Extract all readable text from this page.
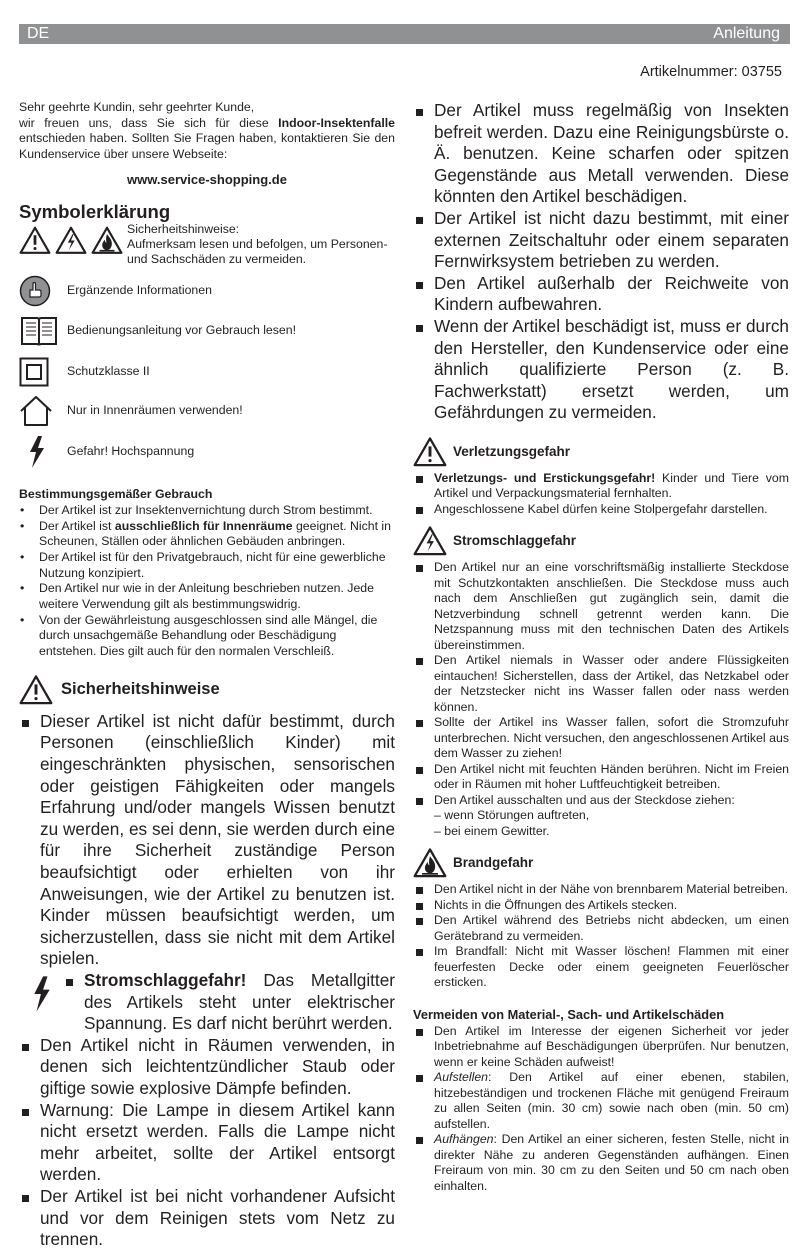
DE	Anleitung
Artikelnummer: 03755

Sehr geehrte Kundin, sehr geehrter Kunde,

wir freuen uns, dass Sie sich für diese Indoor-Insektenfalle entschieden haben. Sollten Sie Fragen haben, kontaktieren Sie den Kundenservice über unsere Webseite:

www.service-shopping.de
Symbolerklärung

Sicherheitshinweise:

Aufmerksam lesen und befolgen, um Personen- und Sachschäden zu vermeiden.

Ergänzende Informationen

Bedienungsanleitung vor Gebrauch lesen!

Schutzklasse II

Nur in Innenräumen verwenden!

Gefahr! Hochspannung

Bestimmungsgemäßer Gebrauch
• Der Artikel ist zur Insektenvernichtung durch Strom bestimmt.
• Der Artikel ist ausschließlich für Innenräume geeignet. Nicht in Scheunen, Ställen oder ähnlichen Gebäuden anbringen.
• Der Artikel ist für den Privatgebrauch, nicht für eine gewerbliche Nutzung konzipiert.
• Den Artikel nur wie in der Anleitung beschrieben nutzen. Jede weitere Verwendung gilt als bestimmungswidrig.
• Von der Gewährleistung ausgeschlossen sind alle Mängel, die durch unsachgemäße Behandlung oder Beschädigung entstehen. Dies gilt auch für den normalen Verschleiß.
Sicherheitshinweise
Dieser Artikel ist nicht dafür bestimmt, durch Personen (einschließlich Kinder) mit eingeschränkten physischen, sensorischen oder geistigen Fähigkeiten oder mangels Erfahrung und/oder mangels Wissen benutzt zu werden, es sei denn, sie werden durch eine für ihre Sicherheit zuständige Person beaufsichtigt oder erhielten von ihr Anweisungen, wie der Artikel zu benutzen ist. Kinder müssen beaufsichtigt werden, um sicherzustellen, dass sie nicht mit dem Artikel spielen.
Stromschlaggefahr! Das Metallgitter des Artikels steht unter elektrischer Spannung. Es darf nicht berührt werden.
Den Artikel nicht in Räumen verwenden, in denen sich leichtentzündlicher Staub oder giftige sowie explosive Dämpfe befinden.
Warnung: Die Lampe in diesem Artikel kann nicht ersetzt werden. Falls die Lampe nicht mehr arbeitet, sollte der Artikel entsorgt werden.
Der Artikel ist bei nicht vorhandener Aufsicht und vor dem Reinigen stets vom Netz zu trennen.
Der Artikel muss regelmäßig von Insekten befreit werden. Dazu eine Reinigungsbürste o. Ä. benutzen. Keine scharfen oder spitzen Gegenstände aus Metall verwenden. Diese könnten den Artikel beschädigen.
Der Artikel ist nicht dazu bestimmt, mit einer externen Zeitschaltuhr oder einem separaten Fernwirksystem betrieben zu werden.
Den Artikel außerhalb der Reichweite von Kindern aufbewahren.
Wenn der Artikel beschädigt ist, muss er durch den Hersteller, den Kundenservice oder eine ähnlich qualifizierte Person (z. B. Fachwerkstatt) ersetzt werden, um Gefährdungen zu vermeiden.
Verletzungsgefahr
Verletzungs- und Erstickungsgefahr! Kinder und Tiere vom Artikel und Verpackungsmaterial fernhalten.
Angeschlossene Kabel dürfen keine Stolpergefahr darstellen.
Stromschlaggefahr
Den Artikel nur an eine vorschriftsmäßig installierte Steckdose mit Schutzkontakten anschließen. Die Steckdose muss auch nach dem Anschließen gut zugänglich sein, damit die Netzverbindung schnell getrennt werden kann. Die Netzspannung muss mit den technischen Daten des Artikels übereinstimmen.
Den Artikel niemals in Wasser oder andere Flüssigkeiten eintauchen! Sicherstellen, dass der Artikel, das Netzkabel oder der Netzstecker nicht ins Wasser fallen oder nass werden können.
Sollte der Artikel ins Wasser fallen, sofort die Stromzufuhr unterbrechen. Nicht versuchen, den angeschlossenen Artikel aus dem Wasser zu ziehen!
Den Artikel nicht mit feuchten Händen berühren. Nicht im Freien oder in Räumen mit hoher Luftfeuchtigkeit betreiben.
Den Artikel ausschalten und aus der Steckdose ziehen:
– wenn Störungen auftreten,
– bei einem Gewitter.
Brandgefahr
Den Artikel nicht in der Nähe von brennbarem Material betreiben.
Nichts in die Öffnungen des Artikels stecken.
Den Artikel während des Betriebs nicht abdecken, um einen Gerätebrand zu vermeiden.
Im Brandfall: Nicht mit Wasser löschen! Flammen mit einer feuerfesten Decke oder einem geeigneten Feuerlöscher ersticken.
Vermeiden von Material-, Sach- und Artikelschäden
Den Artikel im Interesse der eigenen Sicherheit vor jeder Inbetriebnahme auf Beschädigungen überprüfen. Nur benutzen, wenn er keine Schäden aufweist!
Aufstellen: Den Artikel auf einer ebenen, stabilen, hitzebeständigen und trockenen Fläche mit genügend Freiraum zu allen Seiten (min. 30 cm) sowie nach oben (min. 50 cm) aufstellen.
Aufhängen: Den Artikel an einer sicheren, festen Stelle, nicht in direkter Nähe zu anderen Gegenständen aufhängen. Einen Freiraum von min. 30 cm zu den Seiten und 50 cm nach oben einhalten.
